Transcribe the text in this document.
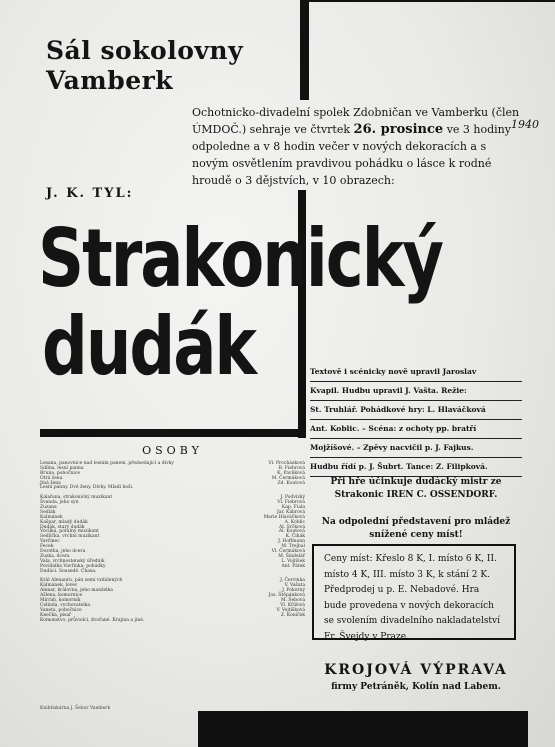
Sál sokolovny
Vamberk
Ochotnicko-divadelní spolek Zdobničan ve Vamberku (člen ÚMDOČ.) sehraje ve čtvrtek 26. prosince ve 3 hodiny odpoledne a v 8 hodin večer v nových dekoracích a s novým osvětlením pravdivou pohádku o lásce k rodné hroudě o 3 dějstvích, v 10 obrazech:
1940
J. K. TYL:
Strakonický
dudák	Textově i scénicky nově upravil Jaroslav
Kvapil. Hudbu upravil J. Vašta. Režie:
St. Truhlář. Pohádkové hry: L. Hlaváčková
Ant. Koblic. – Scéna: z ochoty pp. bratří
Mojžíšové. – Zpěvy nacvičil p. J. Fajkus.
Hudbu řídí p. J. Šubrt. Tance: Z. Filipková.
OSOBY
Lesana, panovnice nad lesním panem, předsedající a dívky	Vl. Procházková
Sdílna, lesní panna	B. Fiebrová
Bruna, pobočnice	K. Pavlíková
Otrá žena	M. Čermáková
Jiná žena	Zd. Koutová
Lesní panny. Dvě ženy. Dívky. Mladí hoši.
Kalafuna, strakonický muzikant	J. Podvízký
Švanda, jeho syn	Vl. Fiebrová
Zuzana	Kap. Fiala
Sedlák	Jar. Kábrová
Kalmánek	Marie Hlaváčková
Kašpar, mladý dudák	A. Koblic
Dudák, starý dudák	Al. Srčková
Vocilka, potulný muzikant	Al. Koutová
Sedlička, vrchní muzikant	K. Čihák
Vavřinec	J. Hoffmann
Fecek	M. Trejbal
Dorotka, jeho dcera	Vl. Čermáková
Zuzka, dcera	M. Šindelář
Vala, vrchnostenský úředník	L. Vojtíšek
Povídalka Vavřinka, pohádky	Ant. Pátek
Dudáci. Sousedé. Chasa.
Král Alenauru, pán zemí vzdálených	J. Červinka
Kalmánek, lovec	V. Vašata
Alenar, královna, jeho manželka	J. Pokorný
Ašlena, komornice	Jos. Štěpánková
Mirrah, komorník	M. Šebová
Celinda, vychovatelka	Vl. Křížová
Vaneta, pobočnice	V. Vojtíšková
Knečka, písař	Z. Koníček
Komonstvo, průvodci, dvořané. Krajina a jiné.
Knihtiskárna J. Šebor Vamberk
Při hře účinkuje dudácký mistr ze Strakonic IREN C. OSSENDORF.
Na odpolední představení pro mládež snížené ceny míst!
Ceny míst: Křeslo 8 K, I. místo 6 K, II. místo 4 K, III. místo 3 K, k stání 2 K. Předprodej u p. E. Nebadové. Hra bude provedena v nových dekoracích se svolením divadelního nakladatelství Fr. Švejdy v Praze.
KROJOVÁ VÝPRAVA
firmy Petráněk, Kolín nad Labem.
